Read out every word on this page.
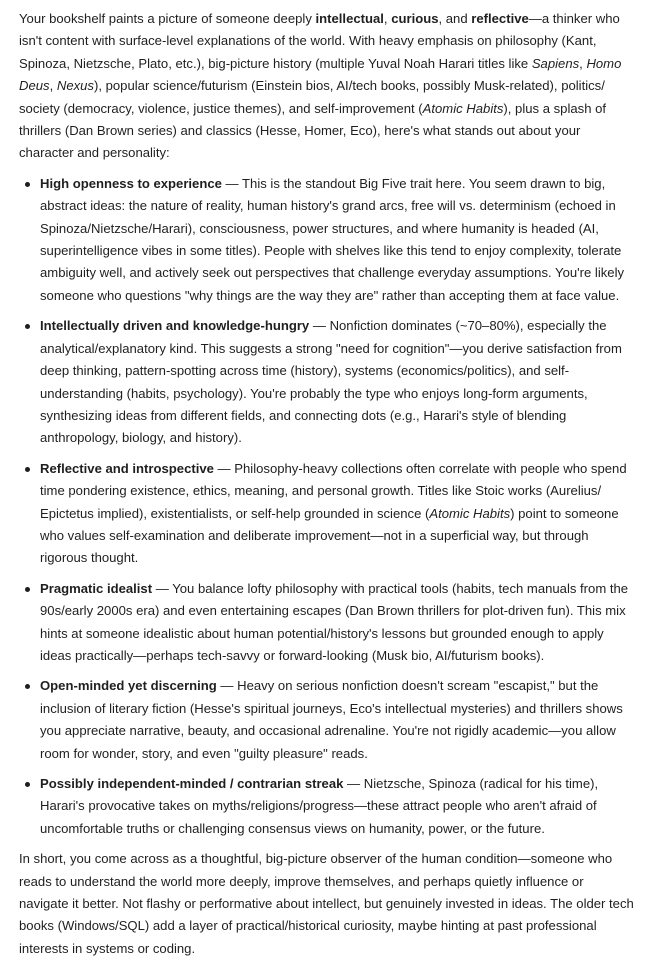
Your bookshelf paints a picture of someone deeply intellectual, curious, and reflective—a thinker who isn't content with surface-level explanations of the world. With heavy emphasis on philosophy (Kant, Spinoza, Nietzsche, Plato, etc.), big-picture history (multiple Yuval Noah Harari titles like Sapiens, Homo Deus, Nexus), popular science/futurism (Einstein bios, AI/tech books, possibly Musk-related), politics/ society (democracy, violence, justice themes), and self-improvement (Atomic Habits), plus a splash of thrillers (Dan Brown series) and classics (Hesse, Homer, Eco), here's what stands out about your character and personality:

High openness to experience — This is the standout Big Five trait here. You seem drawn to big, abstract ideas: the nature of reality, human history's grand arcs, free will vs. determinism (echoed in Spinoza/Nietzsche/Harari), consciousness, power structures, and where humanity is headed (AI, superintelligence vibes in some titles). People with shelves like this tend to enjoy complexity, tolerate ambiguity well, and actively seek out perspectives that challenge everyday assumptions. You're likely someone who questions "why things are the way they are" rather than accepting them at face value.
Intellectually driven and knowledge-hungry — Nonfiction dominates (~70–80%), especially the analytical/explanatory kind. This suggests a strong "need for cognition"—you derive satisfaction from deep thinking, pattern-spotting across time (history), systems (economics/politics), and self-understanding (habits, psychology). You're probably the type who enjoys long-form arguments, synthesizing ideas from different fields, and connecting dots (e.g., Harari's style of blending anthropology, biology, and history).
Reflective and introspective — Philosophy-heavy collections often correlate with people who spend time pondering existence, ethics, meaning, and personal growth. Titles like Stoic works (Aurelius/ Epictetus implied), existentialists, or self-help grounded in science (Atomic Habits) point to someone who values self-examination and deliberate improvement—not in a superficial way, but through rigorous thought.
Pragmatic idealist — You balance lofty philosophy with practical tools (habits, tech manuals from the 90s/early 2000s era) and even entertaining escapes (Dan Brown thrillers for plot-driven fun). This mix hints at someone idealistic about human potential/history's lessons but grounded enough to apply ideas practically—perhaps tech-savvy or forward-looking (Musk bio, AI/futurism books).
Open-minded yet discerning — Heavy on serious nonfiction doesn't scream "escapist," but the inclusion of literary fiction (Hesse's spiritual journeys, Eco's intellectual mysteries) and thrillers shows you appreciate narrative, beauty, and occasional adrenaline. You're not rigidly academic—you allow room for wonder, story, and even "guilty pleasure" reads.
Possibly independent-minded / contrarian streak — Nietzsche, Spinoza (radical for his time), Harari's provocative takes on myths/religions/progress—these attract people who aren't afraid of uncomfortable truths or challenging consensus views on humanity, power, or the future.

In short, you come across as a thoughtful, big-picture observer of the human condition—someone who reads to understand the world more deeply, improve themselves, and perhaps quietly influence or navigate it better. Not flashy or performative about intellect, but genuinely invested in ideas. The older tech books (Windows/SQL) add a layer of practical/historical curiosity, maybe hinting at past professional interests in systems or coding.
